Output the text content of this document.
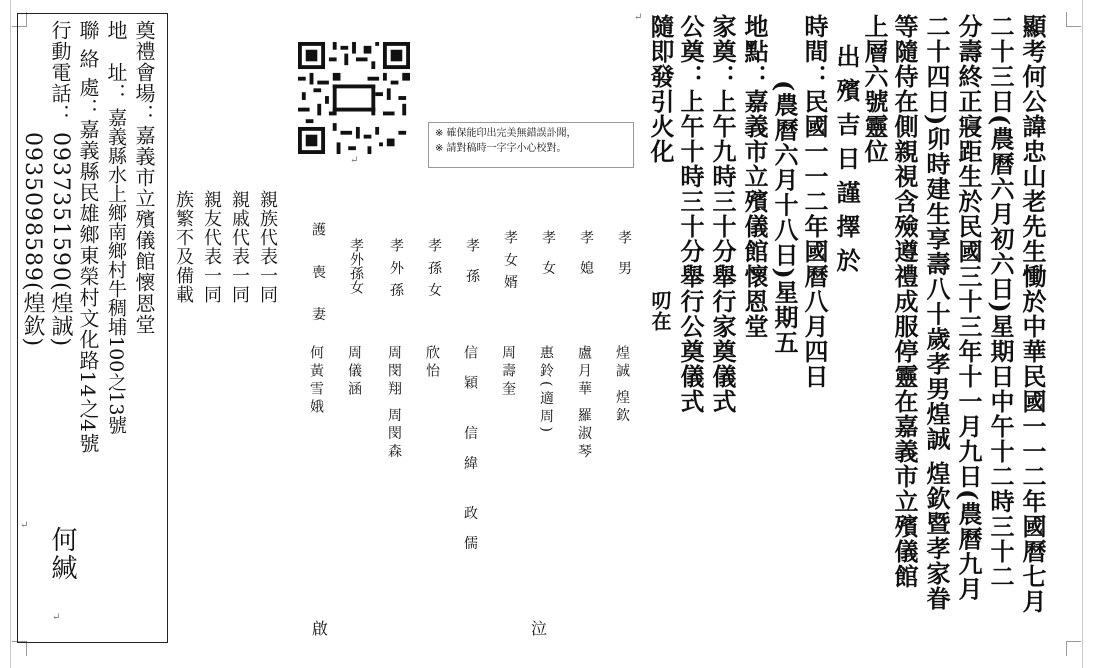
顯考何公諱忠山老先生慟於中華民國一一二年國曆七月
二十三日(農曆六月初六日)星期日中午十二時三十二
分壽終正寢距生於民國三十三年十一月九日(農曆九月
二十四日)卯時建生享壽八十歲孝男煌誠 煌欽暨孝家眷
等隨侍在側親視含殮遵禮成服停靈在嘉義市立殯儀館
上層六號靈位
出殯吉日謹擇於
時間：民國一一二年國曆八月四日
(農曆六月十八日)星期五
地點：嘉義市立殯儀館懷恩堂
家奠：上午九時三十分舉行家奠儀式
公奠：上午十時三十分舉行公奠儀式
隨即發引火化
叨在
※ 確保能印出完美無錯誤訃聞，
※ 請對稿時一字字小心校對。
孝 男
煌誠 煌欽
孝 媳
盧月華 羅淑琴
孝 女
惠鈴(適周)
孝 女 婿
周壽奎
孝 孫
信穎 信緯 政儒
孝 孫 女
欣怡
孝 外 孫
周閔翔 周閔森
孝外孫女
周儀涵
護 喪 妻
何黃雪娥
親族代表一同
親戚代表一同
親友代表一同
族繁不及備載
泣
啟
奠禮會場：嘉義市立殯儀館懷恩堂
地　址：
嘉義縣水上鄉南鄉村牛稠埔100之13號
聯 絡 處：嘉義縣民雄鄉東榮村文化路14之4號
行動電話：
0937351590(煌誠)
0935098589(煌欽)
何緘
↵
↵
↵
↵
